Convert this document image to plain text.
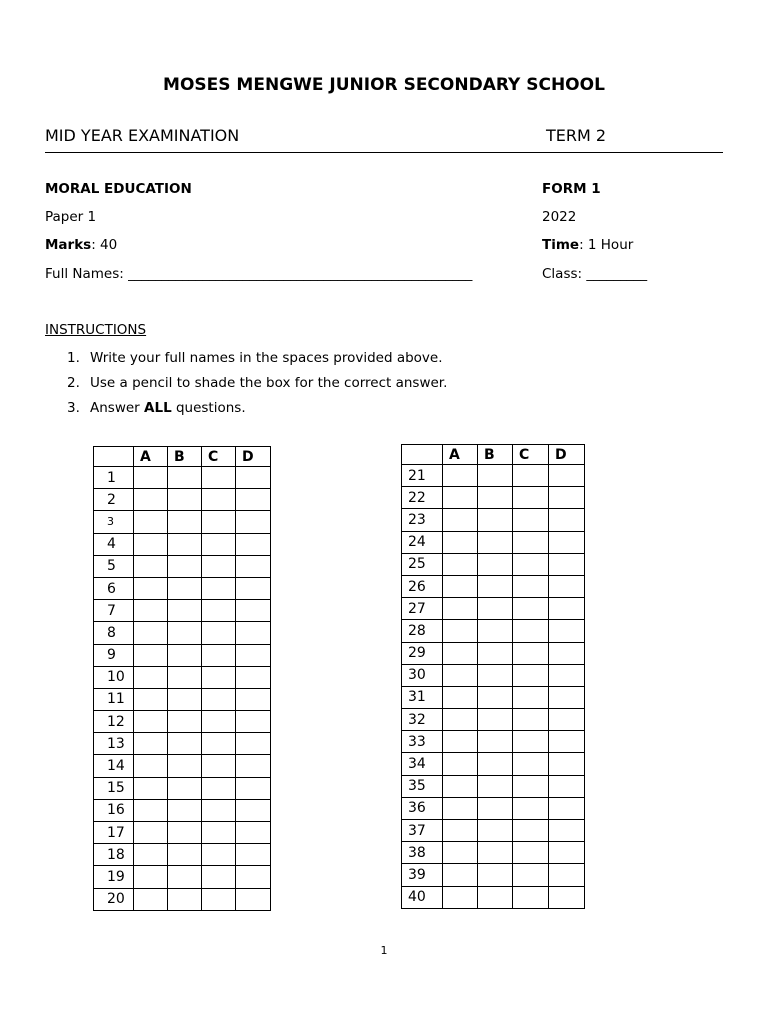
MOSES MENGWE JUNIOR SECONDARY SCHOOL
MID YEAR EXAMINATION	TERM 2
MORAL EDUCATION	FORM 1
Paper 1	2022
Marks: 40	Time: 1 Hour
Full Names: ___________________________________________________	Class: _________
INSTRUCTIONS
1. Write your full names in the spaces provided above.
2. Use a pencil to shade the box for the correct answer.
3. Answer ALL questions.
	A	B	C	D
1				
2				
3				
4				
5				
6				
7				
8				
9				
10				
11				
12				
13				
14				
15				
16				
17				
18				
19				
20				
	A	B	C	D
21				
22				
23				
24				
25				
26				
27				
28				
29				
30				
31				
32				
33				
34				
35				
36				
37				
38				
39				
40				
1
